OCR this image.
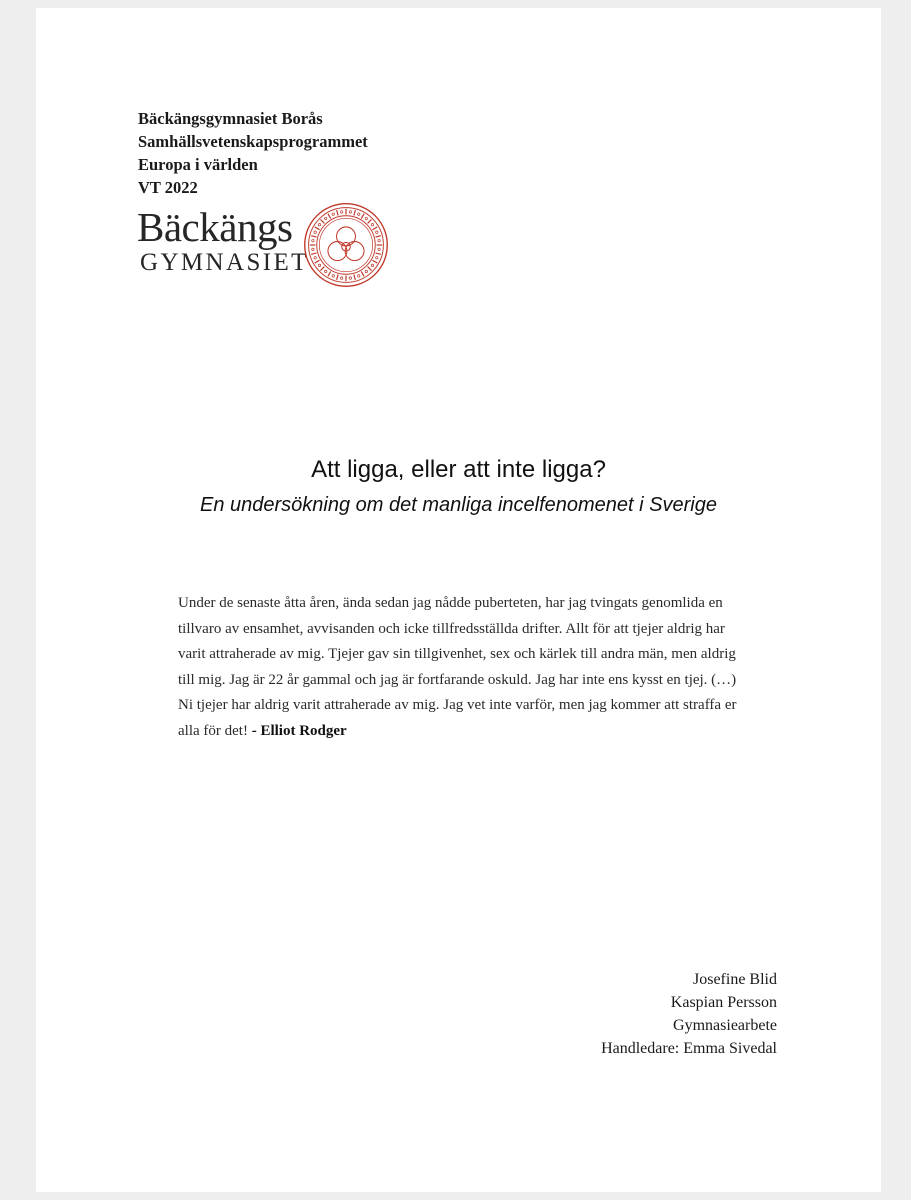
Bäckängsgymnasiet Borås
Samhällsvetenskapsprogrammet
Europa i världen
VT 2022
Bäckängs
GYMNASIET
Att ligga, eller att inte ligga?
En undersökning om det manliga incelfenomenet i Sverige
Under de senaste åtta åren, ända sedan jag nådde puberteten, har jag tvingats genomlida en tillvaro av ensamhet, avvisanden och icke tillfredsställda drifter. Allt för att tjejer aldrig har varit attraherade av mig. Tjejer gav sin tillgivenhet, sex och kärlek till andra män, men aldrig till mig. Jag är 22 år gammal och jag är fortfarande oskuld. Jag har inte ens kysst en tjej. (…) Ni tjejer har aldrig varit attraherade av mig. Jag vet inte varför, men jag kommer att straffa er alla för det! - Elliot Rodger
Josefine Blid
Kaspian Persson
Gymnasiearbete
Handledare: Emma Sivedal
